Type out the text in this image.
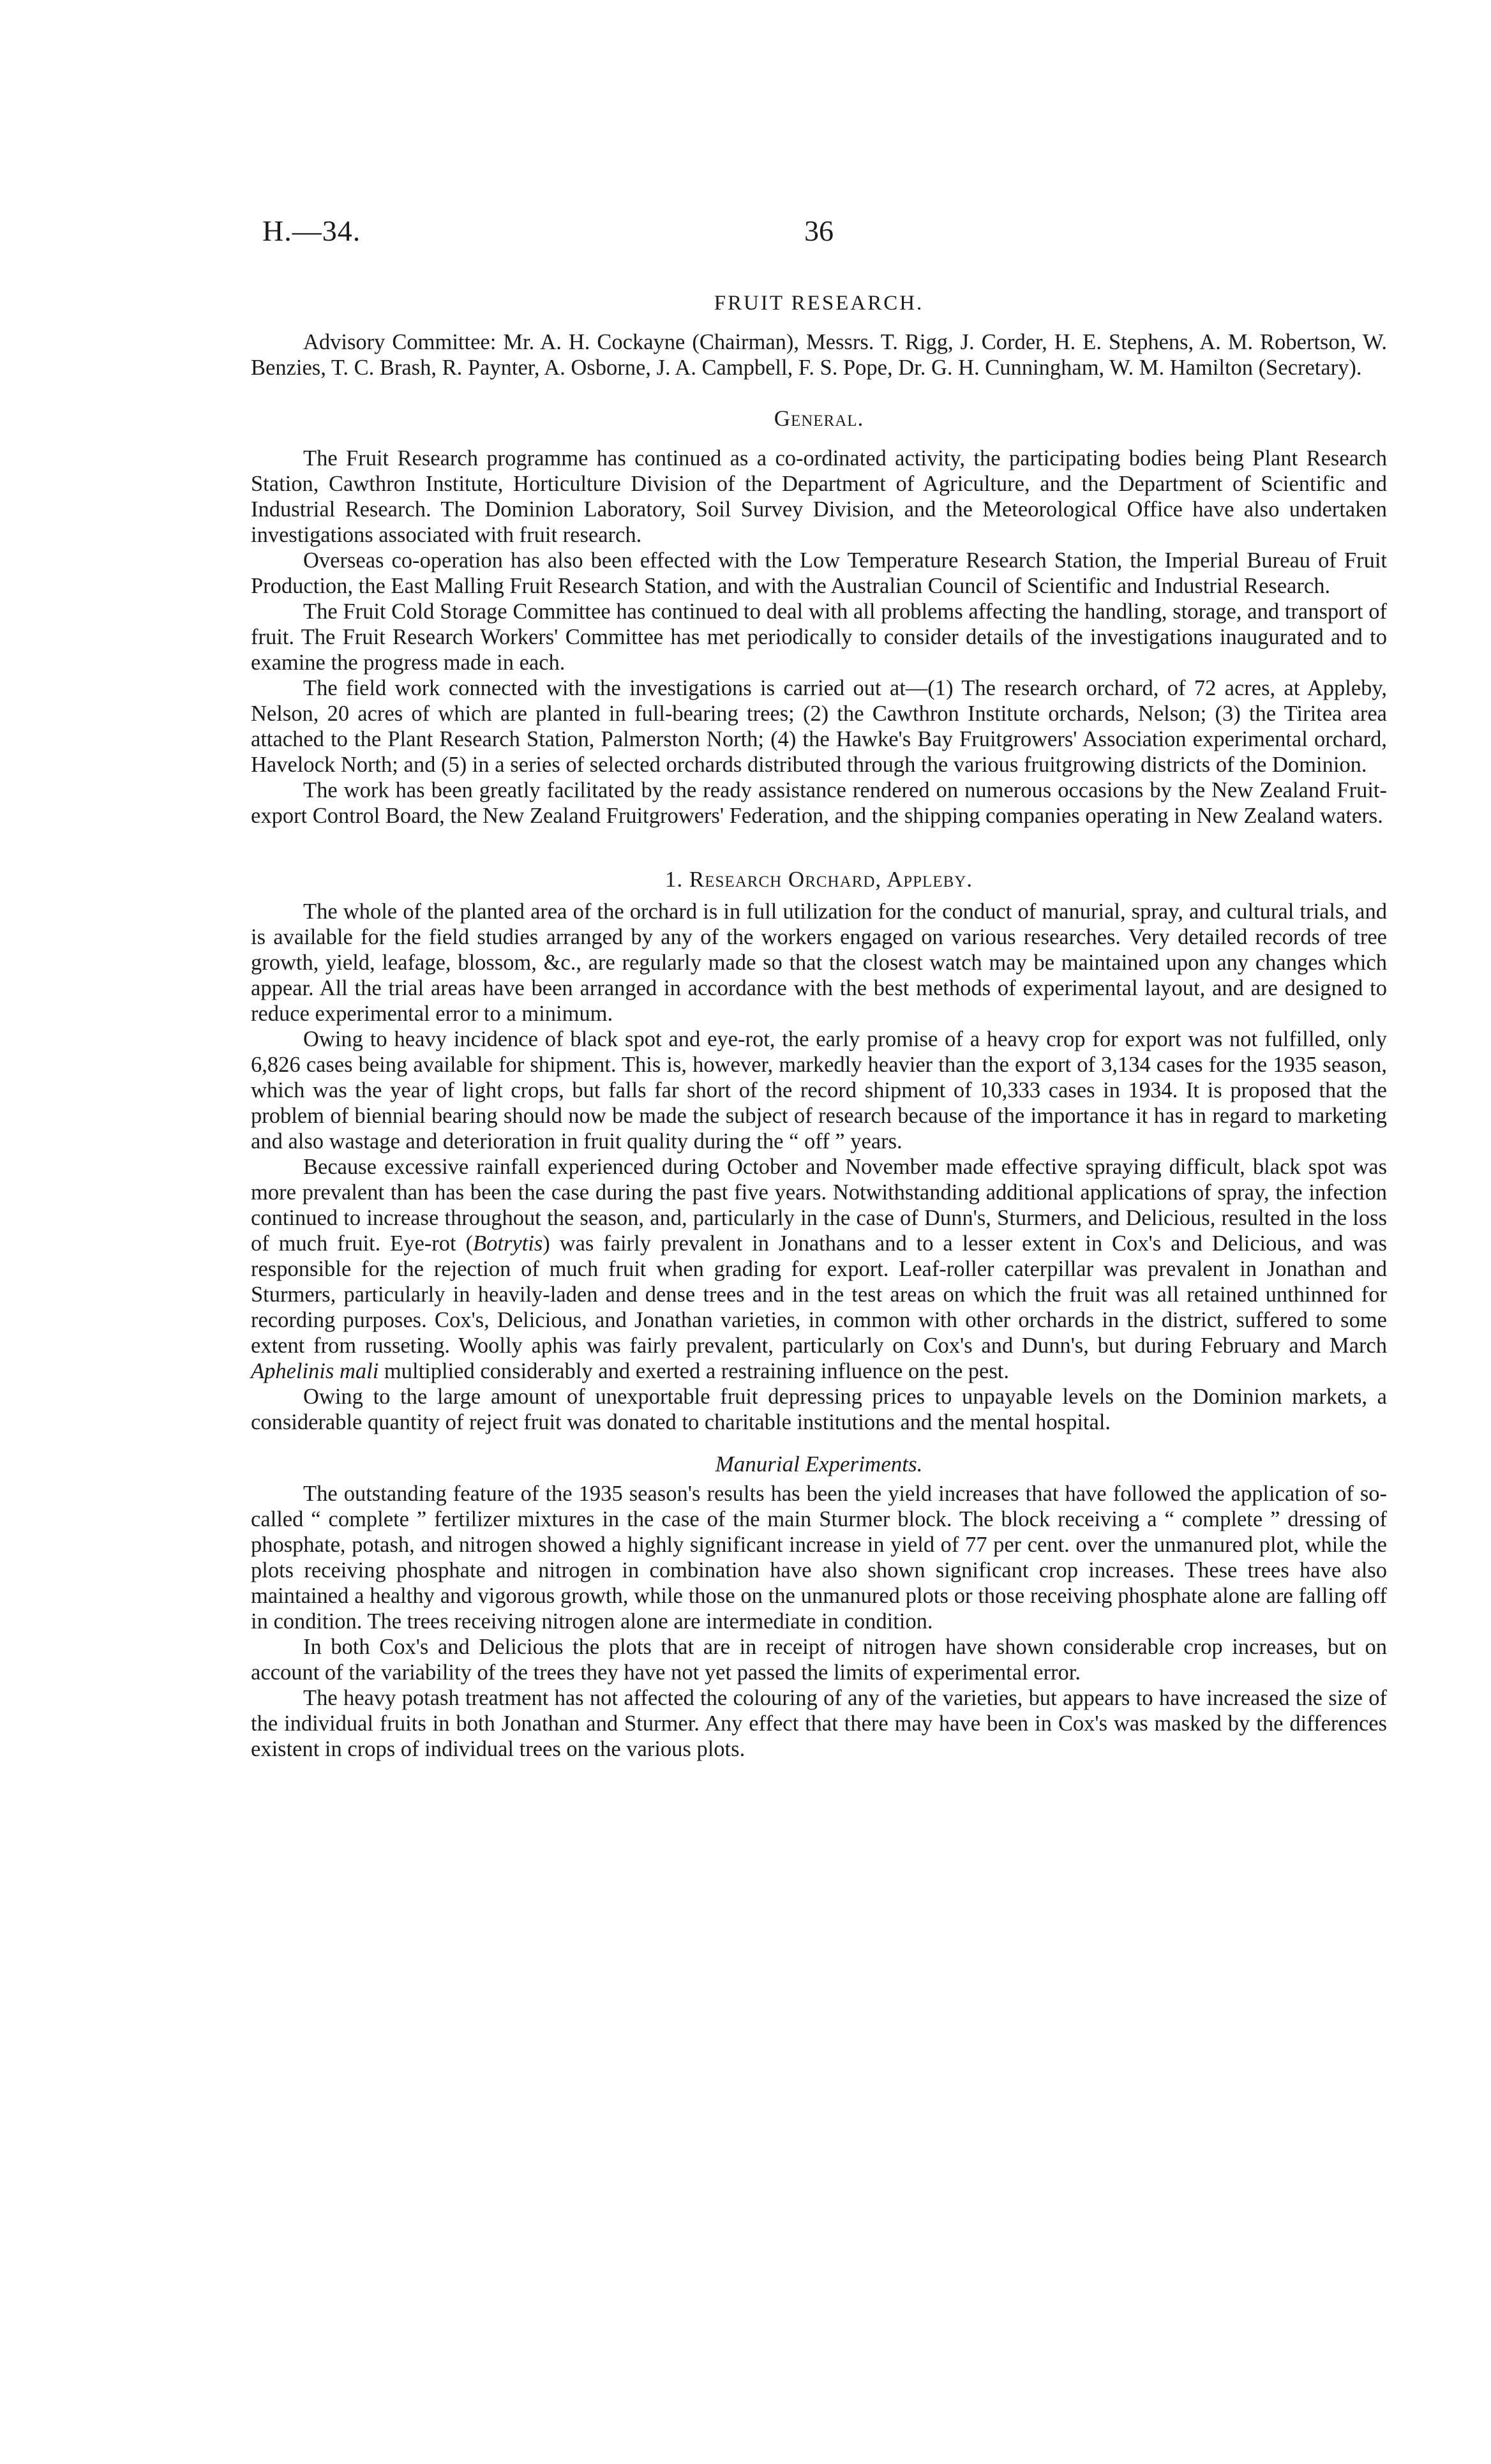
H.—34.	36
FRUIT RESEARCH.

Advisory Committee: Mr. A. H. Cockayne (Chairman), Messrs. T. Rigg, J. Corder, H. E. Stephens, A. M. Robertson, W. Benzies, T. C. Brash, R. Paynter, A. Osborne, J. A. Campbell, F. S. Pope, Dr. G. H. Cunningham, W. M. Hamilton (Secretary).

General.

The Fruit Research programme has continued as a co-ordinated activity, the participating bodies being Plant Research Station, Cawthron Institute, Horticulture Division of the Department of Agriculture, and the Department of Scientific and Industrial Research. The Dominion Laboratory, Soil Survey Division, and the Meteorological Office have also undertaken investigations associated with fruit research.

Overseas co-operation has also been effected with the Low Temperature Research Station, the Imperial Bureau of Fruit Production, the East Malling Fruit Research Station, and with the Australian Council of Scientific and Industrial Research.

The Fruit Cold Storage Committee has continued to deal with all problems affecting the handling, storage, and transport of fruit. The Fruit Research Workers' Committee has met periodically to consider details of the investigations inaugurated and to examine the progress made in each.

The field work connected with the investigations is carried out at—(1) The research orchard, of 72 acres, at Appleby, Nelson, 20 acres of which are planted in full-bearing trees; (2) the Cawthron Institute orchards, Nelson; (3) the Tiritea area attached to the Plant Research Station, Palmerston North; (4) the Hawke's Bay Fruitgrowers' Association experimental orchard, Havelock North; and (5) in a series of selected orchards distributed through the various fruitgrowing districts of the Dominion.

The work has been greatly facilitated by the ready assistance rendered on numerous occasions by the New Zealand Fruit-export Control Board, the New Zealand Fruitgrowers' Federation, and the shipping companies operating in New Zealand waters.

1. Research Orchard, Appleby.

The whole of the planted area of the orchard is in full utilization for the conduct of manurial, spray, and cultural trials, and is available for the field studies arranged by any of the workers engaged on various researches. Very detailed records of tree growth, yield, leafage, blossom, &c., are regularly made so that the closest watch may be maintained upon any changes which appear. All the trial areas have been arranged in accordance with the best methods of experimental layout, and are designed to reduce experimental error to a minimum.

Owing to heavy incidence of black spot and eye-rot, the early promise of a heavy crop for export was not fulfilled, only 6,826 cases being available for shipment. This is, however, markedly heavier than the export of 3,134 cases for the 1935 season, which was the year of light crops, but falls far short of the record shipment of 10,333 cases in 1934. It is proposed that the problem of biennial bearing should now be made the subject of research because of the importance it has in regard to marketing and also wastage and deterioration in fruit quality during the “ off ” years.

Because excessive rainfall experienced during October and November made effective spraying difficult, black spot was more prevalent than has been the case during the past five years. Notwithstanding additional applications of spray, the infection continued to increase throughout the season, and, particularly in the case of Dunn's, Sturmers, and Delicious, resulted in the loss of much fruit. Eye-rot (Botrytis) was fairly prevalent in Jonathans and to a lesser extent in Cox's and Delicious, and was responsible for the rejection of much fruit when grading for export. Leaf-roller caterpillar was prevalent in Jonathan and Sturmers, particularly in heavily-laden and dense trees and in the test areas on which the fruit was all retained unthinned for recording purposes. Cox's, Delicious, and Jonathan varieties, in common with other orchards in the district, suffered to some extent from russeting. Woolly aphis was fairly prevalent, particularly on Cox's and Dunn's, but during February and March Aphelinis mali multiplied considerably and exerted a restraining influence on the pest.

Owing to the large amount of unexportable fruit depressing prices to unpayable levels on the Dominion markets, a considerable quantity of reject fruit was donated to charitable institutions and the mental hospital.

Manurial Experiments.

The outstanding feature of the 1935 season's results has been the yield increases that have followed the application of so-called “ complete ” fertilizer mixtures in the case of the main Sturmer block. The block receiving a “ complete ” dressing of phosphate, potash, and nitrogen showed a highly significant increase in yield of 77 per cent. over the unmanured plot, while the plots receiving phosphate and nitrogen in combination have also shown significant crop increases. These trees have also maintained a healthy and vigorous growth, while those on the unmanured plots or those receiving phosphate alone are falling off in condition. The trees receiving nitrogen alone are intermediate in condition.

In both Cox's and Delicious the plots that are in receipt of nitrogen have shown considerable crop increases, but on account of the variability of the trees they have not yet passed the limits of experimental error.

The heavy potash treatment has not affected the colouring of any of the varieties, but appears to have increased the size of the individual fruits in both Jonathan and Sturmer. Any effect that there may have been in Cox's was masked by the differences existent in crops of individual trees on the various plots.
